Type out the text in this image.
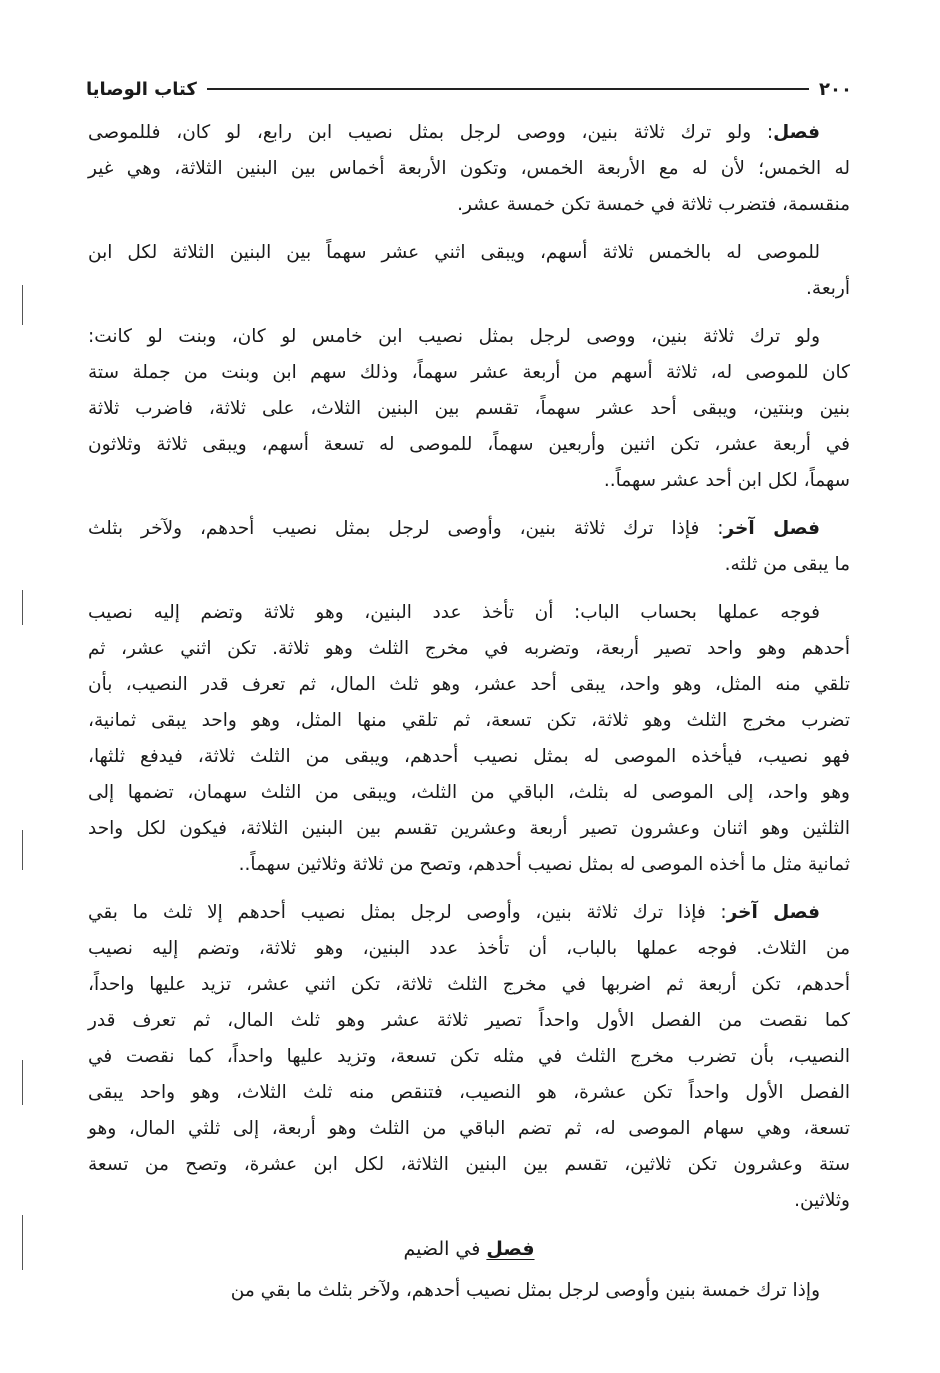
٢٠٠
كتاب الوصايا
فصل: ولو ترك ثلاثة بنين، ووصى لرجل بمثل نصيب ابن رابع، لو كان، فللموصى
له الخمس؛ لأن له مع الأربعة الخمس، وتكون الأربعة أخماس بين البنين الثلاثة، وهي غير
منقسمة، فتضرب ثلاثة في خمسة تكن خمسة عشر.
للموصى له بالخمس ثلاثة أسهم، ويبقى اثني عشر سهماً بين البنين الثلاثة لكل ابن
أربعة.
ولو ترك ثلاثة بنين، ووصى لرجل بمثل نصيب ابن خامس لو كان، وبنت لو كانت:
كان للموصى له، ثلاثة أسهم من أربعة عشر سهماً، وذلك سهم ابن وبنت من جملة ستة
بنين وبنتين، ويبقى أحد عشر سهماً، تقسم بين البنين الثلاث، على ثلاثة، فاضرب ثلاثة
في أربعة عشر، تكن اثنين وأربعين سهماً، للموصى له تسعة أسهم، ويبقى ثلاثة وثلاثون
سهماً، لكل ابن أحد عشر سهماً..
فصل آخر: فإذا ترك ثلاثة بنين، وأوصى لرجل بمثل نصيب أحدهم، ولآخر بثلث
ما يبقى من ثلثه.
فوجه عملها بحساب الباب: أن تأخذ عدد البنين، وهو ثلاثة وتضم إليه نصيب
أحدهم وهو واحد تصير أربعة، وتضربه في مخرج الثلث وهو ثلاثة. تكن اثني عشر، ثم
تلقي منه المثل، وهو واحد، يبقى أحد عشر، وهو ثلث المال، ثم تعرف قدر النصيب، بأن
تضرب مخرج الثلث وهو ثلاثة، تكن تسعة، ثم تلقي منها المثل، وهو واحد يبقى ثمانية،
فهو نصيب، فيأخذه الموصى له بمثل نصيب أحدهم، ويبقى من الثلث ثلاثة، فيدفع ثلثها،
وهو واحد، إلى الموصى له بثلث، الباقي من الثلث، ويبقى من الثلث سهمان، تضمها إلى
الثلثين وهو اثنان وعشرون تصير أربعة وعشرين تقسم بين البنين الثلاثة، فيكون لكل واحد
ثمانية مثل ما أخذه الموصى له بمثل نصيب أحدهم، وتصح من ثلاثة وثلاثين سهماً..
فصل آخر: فإذا ترك ثلاثة بنين، وأوصى لرجل بمثل نصيب أحدهم إلا ثلث ما بقي
من الثلاث. فوجه عملها بالباب، أن تأخذ عدد البنين، وهو ثلاثة، وتضم إليه نصيب
أحدهم، تكن أربعة ثم اضربها في مخرج الثلث ثلاثة، تكن اثني عشر، تزيد عليها واحداً،
كما نقصت من الفصل الأول واحداً تصير ثلاثة عشر وهو ثلث المال، ثم تعرف قدر
النصيب، بأن تضرب مخرج الثلث في مثله تكن تسعة، وتزيد عليها واحداً، كما نقصت في
الفصل الأول واحداً تكن عشرة، هو النصيب، فتنقص منه ثلث الثلاث، وهو واحد يبقى
تسعة، وهي سهام الموصى له، ثم تضم الباقي من الثلث وهو أربعة، إلى ثلثي المال، وهو
ستة وعشرون تكن ثلاثين، تقسم بين البنين الثلاثة، لكل ابن عشرة، وتصح من تسعة
وثلاثين.
فصل في الضيم
وإذا ترك خمسة بنين وأوصى لرجل بمثل نصيب أحدهم، ولآخر بثلث ما بقي من
